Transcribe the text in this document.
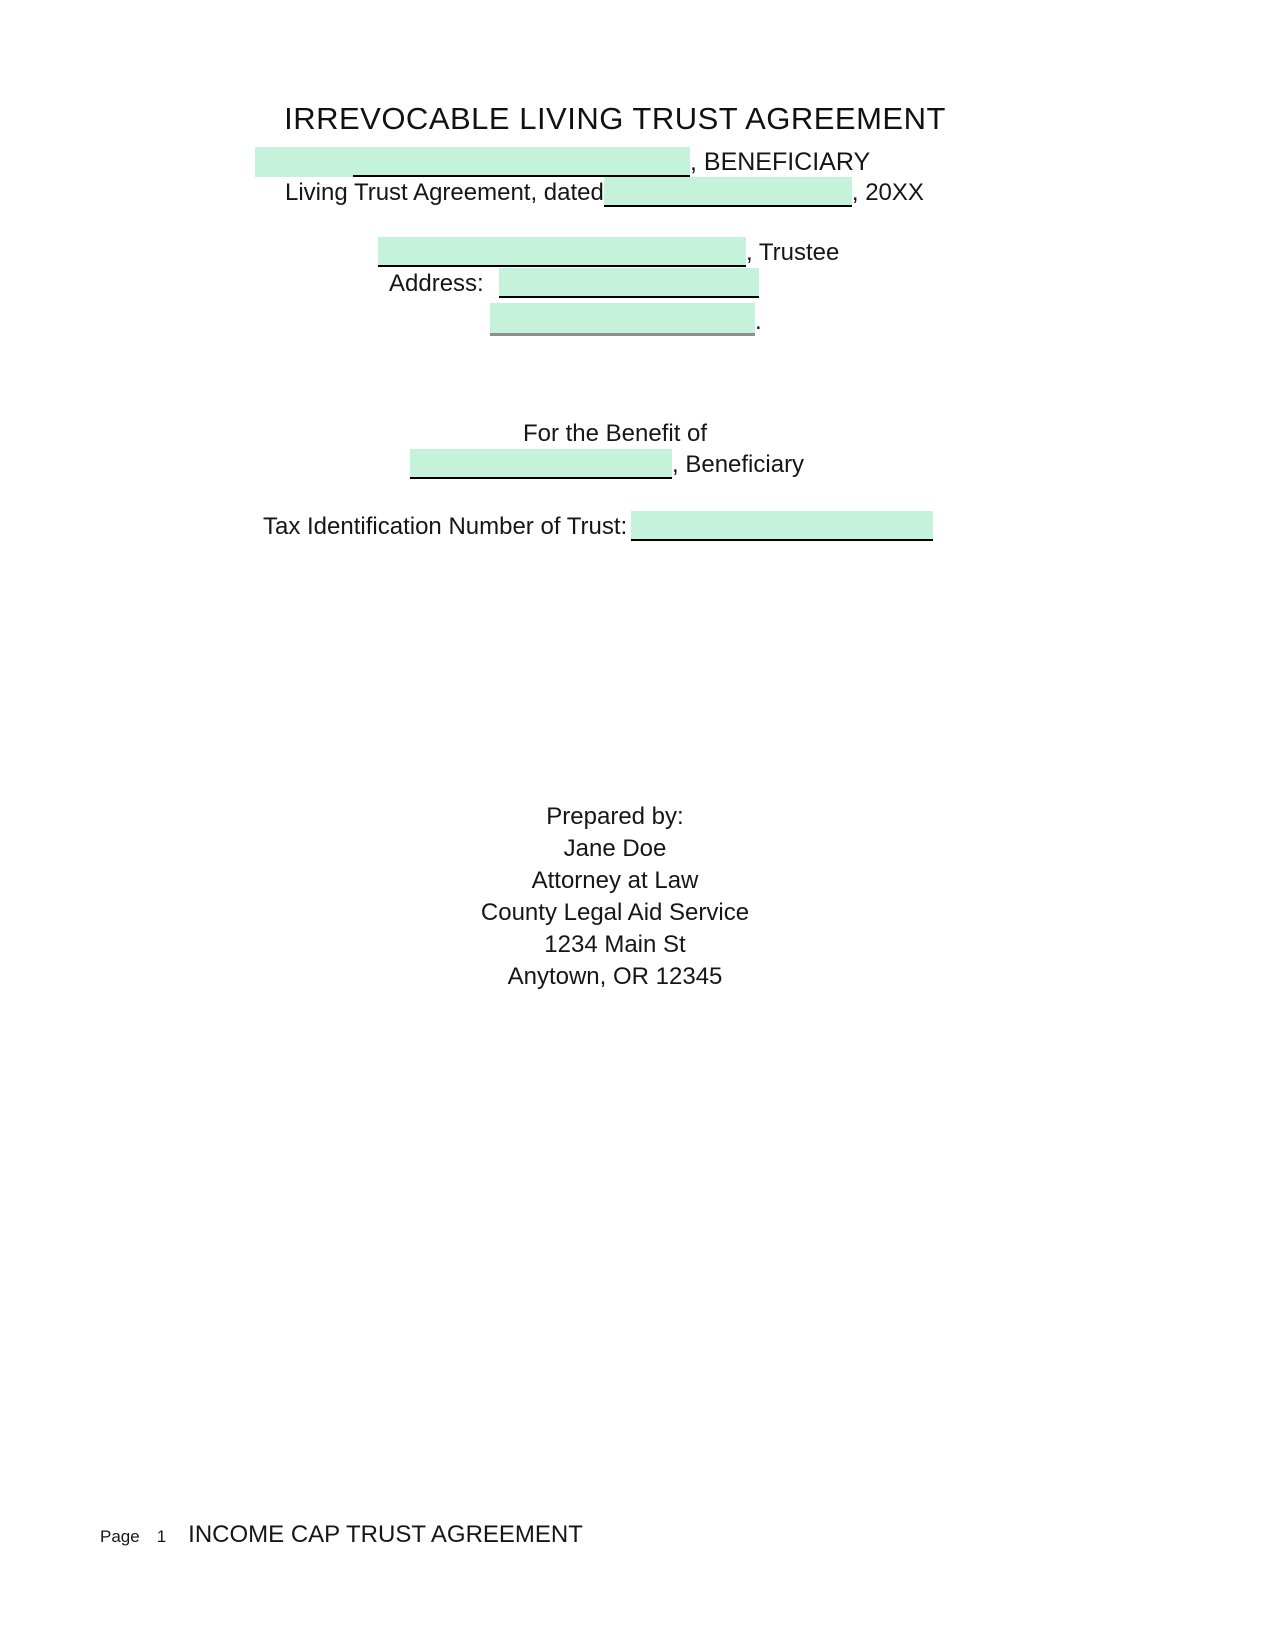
IRREVOCABLE LIVING TRUST AGREEMENT
, BENEFICIARY
Living Trust Agreement, dated	, 20XX
, Trustee
Address:
.
For the Benefit of
, Beneficiary
Tax Identification Number of Trust:
Prepared by:
Jane Doe
Attorney at Law
County Legal Aid Service
1234 Main St
Anytown, OR 12345
Page 1 INCOME CAP TRUST AGREEMENT
